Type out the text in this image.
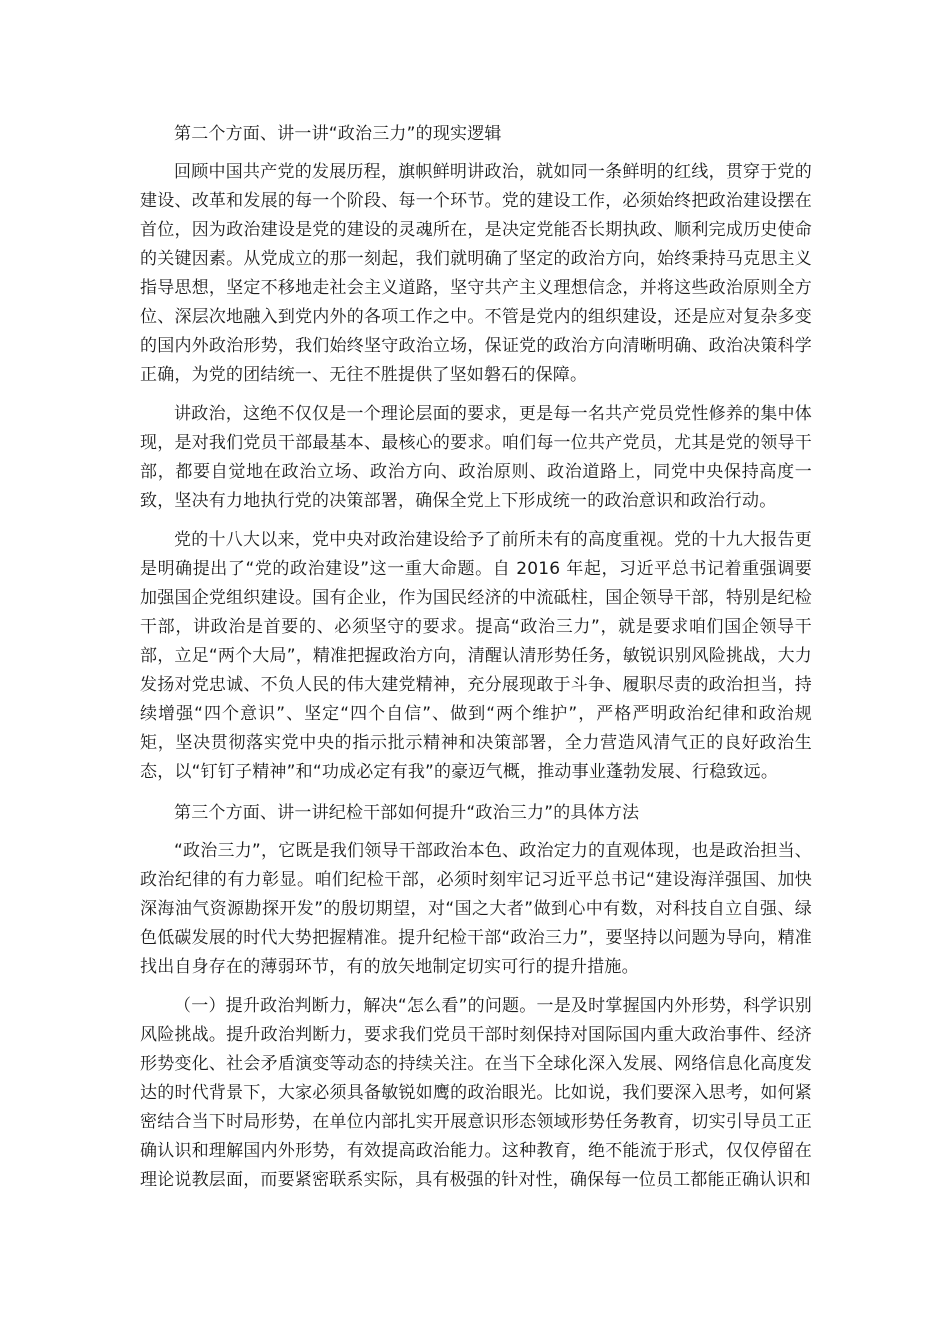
第二个方面、讲一讲“政治三力”的现实逻辑

回顾中国共产党的发展历程，旗帜鲜明讲政治，就如同一条鲜明的红线，贯穿于党的建设、改革和发展的每一个阶段、每一个环节。党的建设工作，必须始终把政治建设摆在首位，因为政治建设是党的建设的灵魂所在，是决定党能否长期执政、顺利完成历史使命的关键因素。从党成立的那一刻起，我们就明确了坚定的政治方向，始终秉持马克思主义指导思想，坚定不移地走社会主义道路，坚守共产主义理想信念，并将这些政治原则全方位、深层次地融入到党内外的各项工作之中。不管是党内的组织建设，还是应对复杂多变的国内外政治形势，我们始终坚守政治立场，保证党的政治方向清晰明确、政治决策科学正确，为党的团结统一、无往不胜提供了坚如磐石的保障。

讲政治，这绝不仅仅是一个理论层面的要求，更是每一名共产党员党性修养的集中体现，是对我们党员干部最基本、最核心的要求。咱们每一位共产党员，尤其是党的领导干部，都要自觉地在政治立场、政治方向、政治原则、政治道路上，同党中央保持高度一致，坚决有力地执行党的决策部署，确保全党上下形成统一的政治意识和政治行动。

党的十八大以来，党中央对政治建设给予了前所未有的高度重视。党的十九大报告更是明确提出了“党的政治建设”这一重大命题。自 2016 年起，习近平总书记着重强调要加强国企党组织建设。国有企业，作为国民经济的中流砥柱，国企领导干部，特别是纪检干部，讲政治是首要的、必须坚守的要求。提高“政治三力”，就是要求咱们国企领导干部，立足“两个大局”，精准把握政治方向，清醒认清形势任务，敏锐识别风险挑战，大力发扬对党忠诚、不负人民的伟大建党精神，充分展现敢于斗争、履职尽责的政治担当，持续增强“四个意识”、坚定“四个自信”、做到“两个维护”，严格严明政治纪律和政治规矩，坚决贯彻落实党中央的指示批示精神和决策部署，全力营造风清气正的良好政治生态，以“钉钉子精神”和“功成必定有我”的豪迈气概，推动事业蓬勃发展、行稳致远。

第三个方面、讲一讲纪检干部如何提升“政治三力”的具体方法

“政治三力”，它既是我们领导干部政治本色、政治定力的直观体现，也是政治担当、政治纪律的有力彰显。咱们纪检干部，必须时刻牢记习近平总书记“建设海洋强国、加快深海油气资源勘探开发”的殷切期望，对“国之大者”做到心中有数，对科技自立自强、绿色低碳发展的时代大势把握精准。提升纪检干部“政治三力”，要坚持以问题为导向，精准找出自身存在的薄弱环节，有的放矢地制定切实可行的提升措施。

（一）提升政治判断力，解决“怎么看”的问题。一是及时掌握国内外形势，科学识别风险挑战。提升政治判断力，要求我们党员干部时刻保持对国际国内重大政治事件、经济形势变化、社会矛盾演变等动态的持续关注。在当下全球化深入发展、网络信息化高度发达的时代背景下，大家必须具备敏锐如鹰的政治眼光。比如说，我们要深入思考，如何紧密结合当下时局形势，在单位内部扎实开展意识形态领域形势任务教育，切实引导员工正确认识和理解国内外形势，有效提高政治能力。这种教育，绝不能流于形式，仅仅停留在理论说教层面，而要紧密联系实际，具有极强的针对性，确保每一位员工都能正确认识和
